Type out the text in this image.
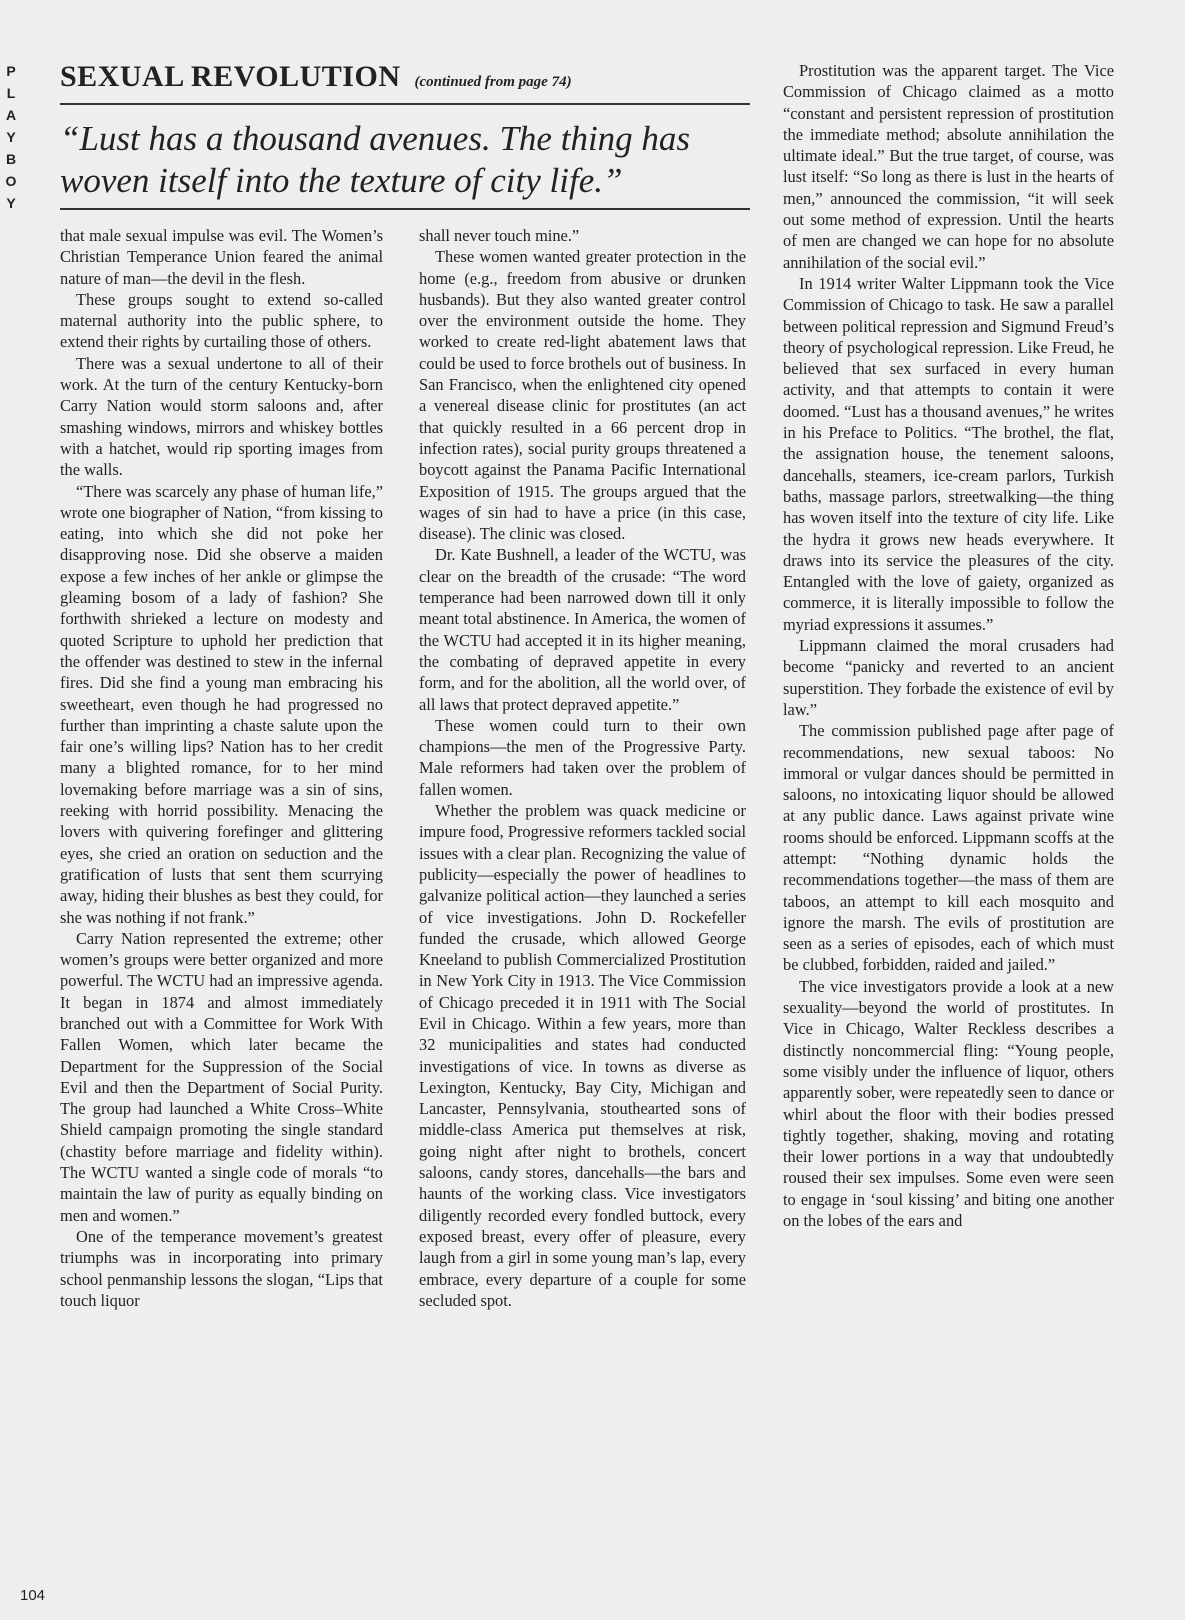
P
L
A
Y
B
O
Y
SEXUAL REVOLUTION (continued from page 74)
“Lust has a thousand avenues. The thing has woven itself into the texture of city life.”

that male sexual impulse was evil. The Women’s Christian Temperance Union feared the animal nature of man—the devil in the flesh.

These groups sought to extend so-called maternal authority into the public sphere, to extend their rights by curtailing those of others.

There was a sexual undertone to all of their work. At the turn of the century Kentucky-born Carry Nation would storm saloons and, after smashing windows, mirrors and whiskey bottles with a hatchet, would rip sporting images from the walls.

“There was scarcely any phase of human life,” wrote one biographer of Nation, “from kissing to eating, into which she did not poke her disapproving nose. Did she observe a maiden expose a few inches of her ankle or glimpse the gleaming bosom of a lady of fashion? She forthwith shrieked a lecture on modesty and quoted Scripture to uphold her prediction that the offender was destined to stew in the infernal fires. Did she find a young man embracing his sweetheart, even though he had progressed no further than imprinting a chaste salute upon the fair one’s willing lips? Nation has to her credit many a blighted romance, for to her mind lovemaking before marriage was a sin of sins, reeking with horrid possibility. Menacing the lovers with quivering forefinger and glittering eyes, she cried an oration on seduction and the gratification of lusts that sent them scurrying away, hiding their blushes as best they could, for she was nothing if not frank.”

Carry Nation represented the extreme; other women’s groups were better organized and more powerful. The WCTU had an impressive agenda. It began in 1874 and almost immediately branched out with a Committee for Work With Fallen Women, which later became the Department for the Suppression of the Social Evil and then the Department of Social Purity. The group had launched a White Cross–White Shield campaign promoting the single standard (chastity before marriage and fidelity within). The WCTU wanted a single code of morals “to maintain the law of purity as equally binding on men and women.”

One of the temperance movement’s greatest triumphs was in incorporating into primary school penmanship lessons the slogan, “Lips that touch liquor

shall never touch mine.”

These women wanted greater protection in the home (e.g., freedom from abusive or drunken husbands). But they also wanted greater control over the environment outside the home. They worked to create red-light abatement laws that could be used to force brothels out of business. In San Francisco, when the enlightened city opened a venereal disease clinic for prostitutes (an act that quickly resulted in a 66 percent drop in infection rates), social purity groups threatened a boycott against the Panama Pacific International Exposition of 1915. The groups argued that the wages of sin had to have a price (in this case, disease). The clinic was closed.

Dr. Kate Bushnell, a leader of the WCTU, was clear on the breadth of the crusade: “The word temperance had been narrowed down till it only meant total abstinence. In America, the women of the WCTU had accepted it in its higher meaning, the combating of depraved appetite in every form, and for the abolition, all the world over, of all laws that protect depraved appetite.”

These women could turn to their own champions—the men of the Progressive Party. Male reformers had taken over the problem of fallen women.

Whether the problem was quack medicine or impure food, Progressive reformers tackled social issues with a clear plan. Recognizing the value of publicity—especially the power of headlines to galvanize political action—they launched a series of vice investigations. John D. Rockefeller funded the crusade, which allowed George Kneeland to publish Commercialized Prostitution in New York City in 1913. The Vice Commission of Chicago preceded it in 1911 with The Social Evil in Chicago. Within a few years, more than 32 municipalities and states had conducted investigations of vice. In towns as diverse as Lexington, Kentucky, Bay City, Michigan and Lancaster, Pennsylvania, stouthearted sons of middle-class America put themselves at risk, going night after night to brothels, concert saloons, candy stores, dancehalls—the bars and haunts of the working class. Vice investigators diligently recorded every fondled buttock, every exposed breast, every offer of pleasure, every laugh from a girl in some young man’s lap, every embrace, every departure of a couple for some secluded spot.

Prostitution was the apparent target. The Vice Commission of Chicago claimed as a motto “constant and persistent repression of prostitution the immediate method; absolute annihilation the ultimate ideal.” But the true target, of course, was lust itself: “So long as there is lust in the hearts of men,” announced the commission, “it will seek out some method of expression. Until the hearts of men are changed we can hope for no absolute annihilation of the social evil.”

In 1914 writer Walter Lippmann took the Vice Commission of Chicago to task. He saw a parallel between political repression and Sigmund Freud’s theory of psychological repression. Like Freud, he believed that sex surfaced in every human activity, and that attempts to contain it were doomed. “Lust has a thousand avenues,” he writes in his Preface to Politics. “The brothel, the flat, the assignation house, the tenement saloons, dancehalls, steamers, ice-cream parlors, Turkish baths, massage parlors, streetwalking—the thing has woven itself into the texture of city life. Like the hydra it grows new heads everywhere. It draws into its service the pleasures of the city. Entangled with the love of gaiety, organized as commerce, it is literally impossible to follow the myriad expressions it assumes.”

Lippmann claimed the moral crusaders had become “panicky and reverted to an ancient superstition. They forbade the existence of evil by law.”

The commission published page after page of recommendations, new sexual taboos: No immoral or vulgar dances should be permitted in saloons, no intoxicating liquor should be allowed at any public dance. Laws against private wine rooms should be enforced. Lippmann scoffs at the attempt: “Nothing dynamic holds the recommendations together—the mass of them are taboos, an attempt to kill each mosquito and ignore the marsh. The evils of prostitution are seen as a series of episodes, each of which must be clubbed, forbidden, raided and jailed.”

The vice investigators provide a look at a new sexuality—beyond the world of prostitutes. In Vice in Chicago, Walter Reckless describes a distinctly noncommercial fling: “Young people, some visibly under the influence of liquor, others apparently sober, were repeatedly seen to dance or whirl about the floor with their bodies pressed tightly together, shaking, moving and rotating their lower portions in a way that undoubtedly roused their sex impulses. Some even were seen to engage in ‘soul kissing’ and biting one another on the lobes of the ears and

104
